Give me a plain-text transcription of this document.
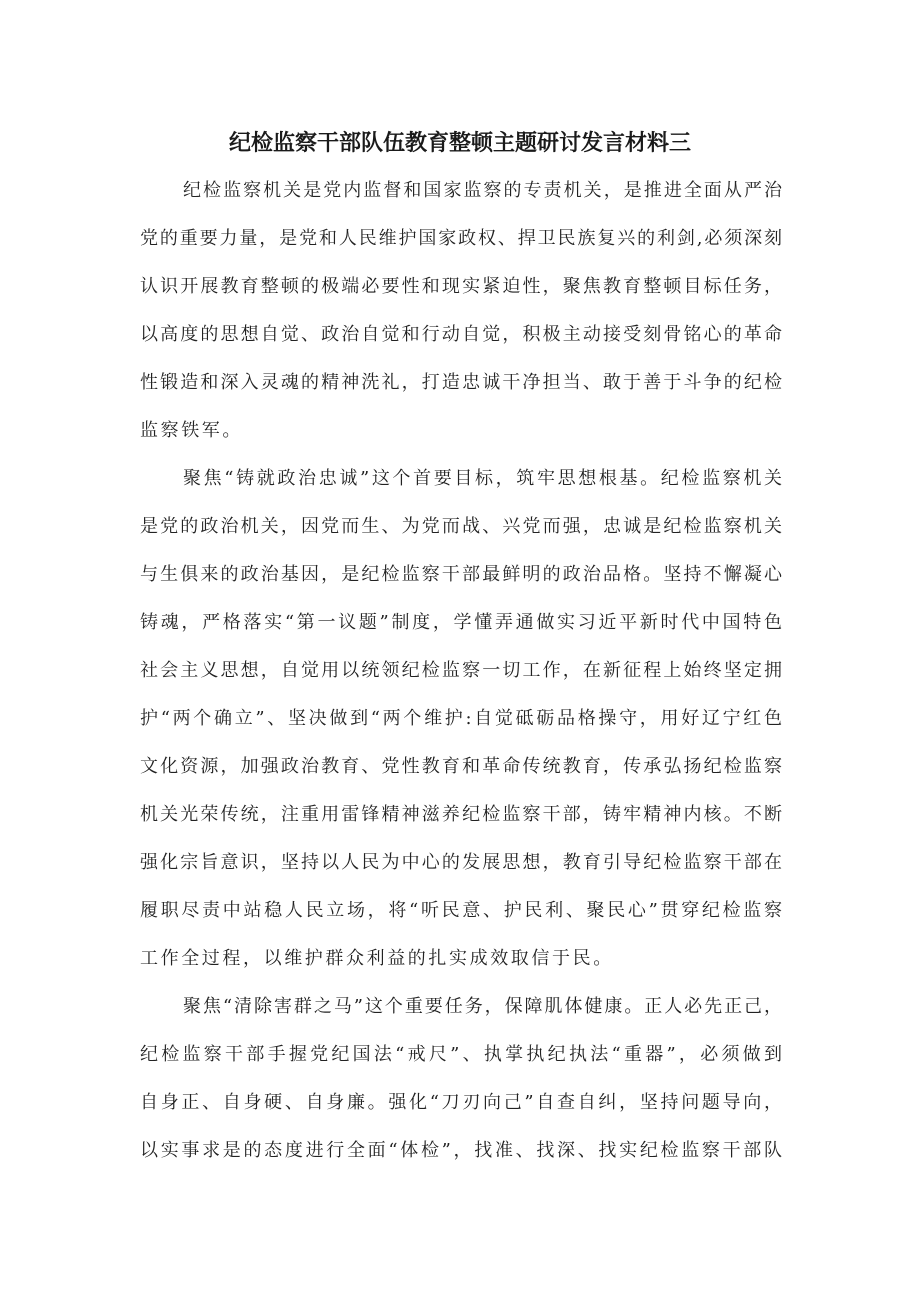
纪检监察干部队伍教育整顿主题研讨发言材料三
纪检监察机关是党内监督和国家监察的专责机关，是推进全面从严治
党的重要力量，是党和人民维护国家政权、捍卫民族复兴的利剑,必须深刻
认识开展教育整顿的极端必要性和现实紧迫性，聚焦教育整顿目标任务，
以高度的思想自觉、政治自觉和行动自觉，积极主动接受刻骨铭心的革命
性锻造和深入灵魂的精神洗礼，打造忠诚干净担当、敢于善于斗争的纪检
监察铁军。
聚焦“铸就政治忠诚”这个首要目标，筑牢思想根基。纪检监察机关
是党的政治机关，因党而生、为党而战、兴党而强，忠诚是纪检监察机关
与生俱来的政治基因，是纪检监察干部最鲜明的政治品格。坚持不懈凝心
铸魂，严格落实“第一议题”制度，学懂弄通做实习近平新时代中国特色
社会主义思想，自觉用以统领纪检监察一切工作，在新征程上始终坚定拥
护“两个确立”、坚决做到“两个维护:自觉砥砺品格操守，用好辽宁红色
文化资源，加强政治教育、党性教育和革命传统教育，传承弘扬纪检监察
机关光荣传统，注重用雷锋精神滋养纪检监察干部，铸牢精神内核。不断
强化宗旨意识，坚持以人民为中心的发展思想，教育引导纪检监察干部在
履职尽责中站稳人民立场，将“听民意、护民利、聚民心”贯穿纪检监察
工作全过程，以维护群众利益的扎实成效取信于民。
聚焦“清除害群之马”这个重要任务，保障肌体健康。正人必先正己，
纪检监察干部手握党纪国法“戒尺”、执掌执纪执法“重器”，必须做到
自身正、自身硬、自身廉。强化“刀刃向己”自查自纠，坚持问题导向，
以实事求是的态度进行全面“体检”，找准、找深、找实纪检监察干部队
